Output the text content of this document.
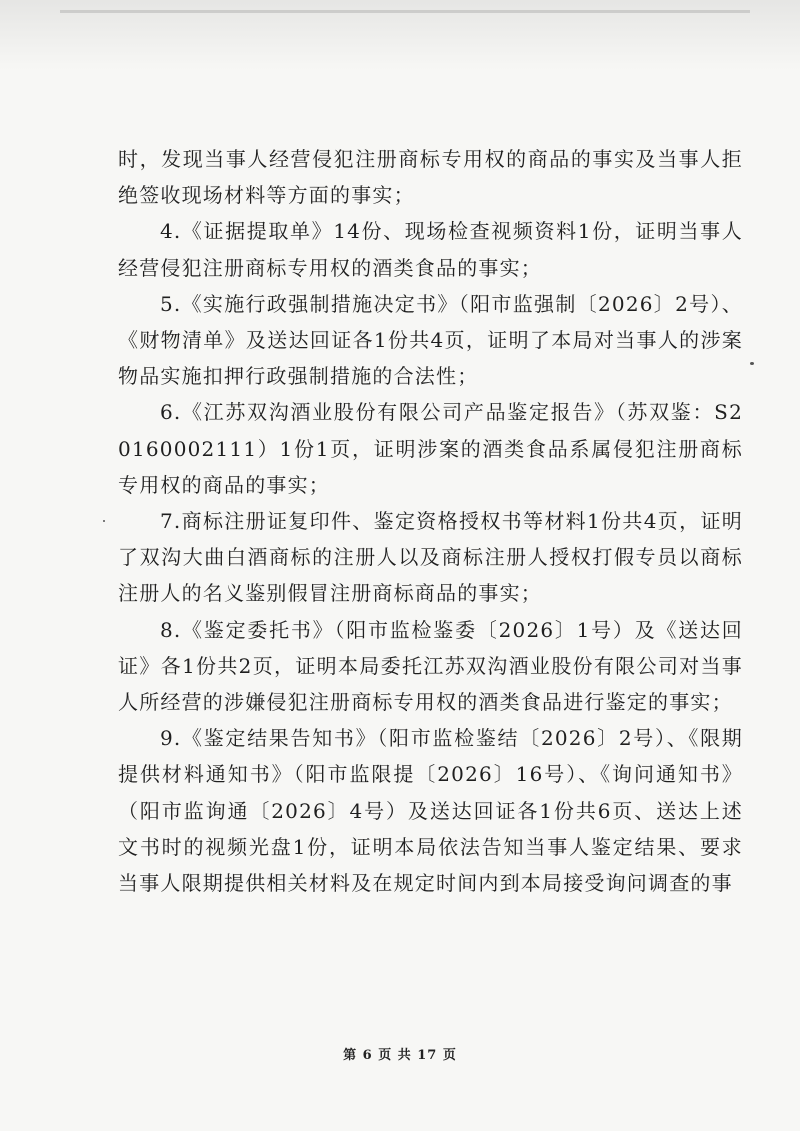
时，发现当事人经营侵犯注册商标专用权的商品的事实及当事人拒绝签收现场材料等方面的事实；

4.《证据提取单》14份、现场检查视频资料1份，证明当事人经营侵犯注册商标专用权的酒类食品的事实；

5.《实施行政强制措施决定书》（阳市监强制〔2026〕2号）、《财物清单》及送达回证各1份共4页，证明了本局对当事人的涉案物品实施扣押行政强制措施的合法性；

6.《江苏双沟酒业股份有限公司产品鉴定报告》（苏双鉴：S20160002111）1份1页，证明涉案的酒类食品系属侵犯注册商标专用权的商品的事实；

7.商标注册证复印件、鉴定资格授权书等材料1份共4页，证明了双沟大曲白酒商标的注册人以及商标注册人授权打假专员以商标注册人的名义鉴别假冒注册商标商品的事实；

8.《鉴定委托书》（阳市监检鉴委〔2026〕1号）及《送达回证》各1份共2页，证明本局委托江苏双沟酒业股份有限公司对当事人所经营的涉嫌侵犯注册商标专用权的酒类食品进行鉴定的事实；

9.《鉴定结果告知书》（阳市监检鉴结〔2026〕2号）、《限期提供材料通知书》（阳市监限提〔2026〕16号）、《询问通知书》（阳市监询通〔2026〕4号）及送达回证各1份共6页、送达上述文书时的视频光盘1份，证明本局依法告知当事人鉴定结果、要求当事人限期提供相关材料及在规定时间内到本局接受询问调查的事

第 6 页 共 17 页
